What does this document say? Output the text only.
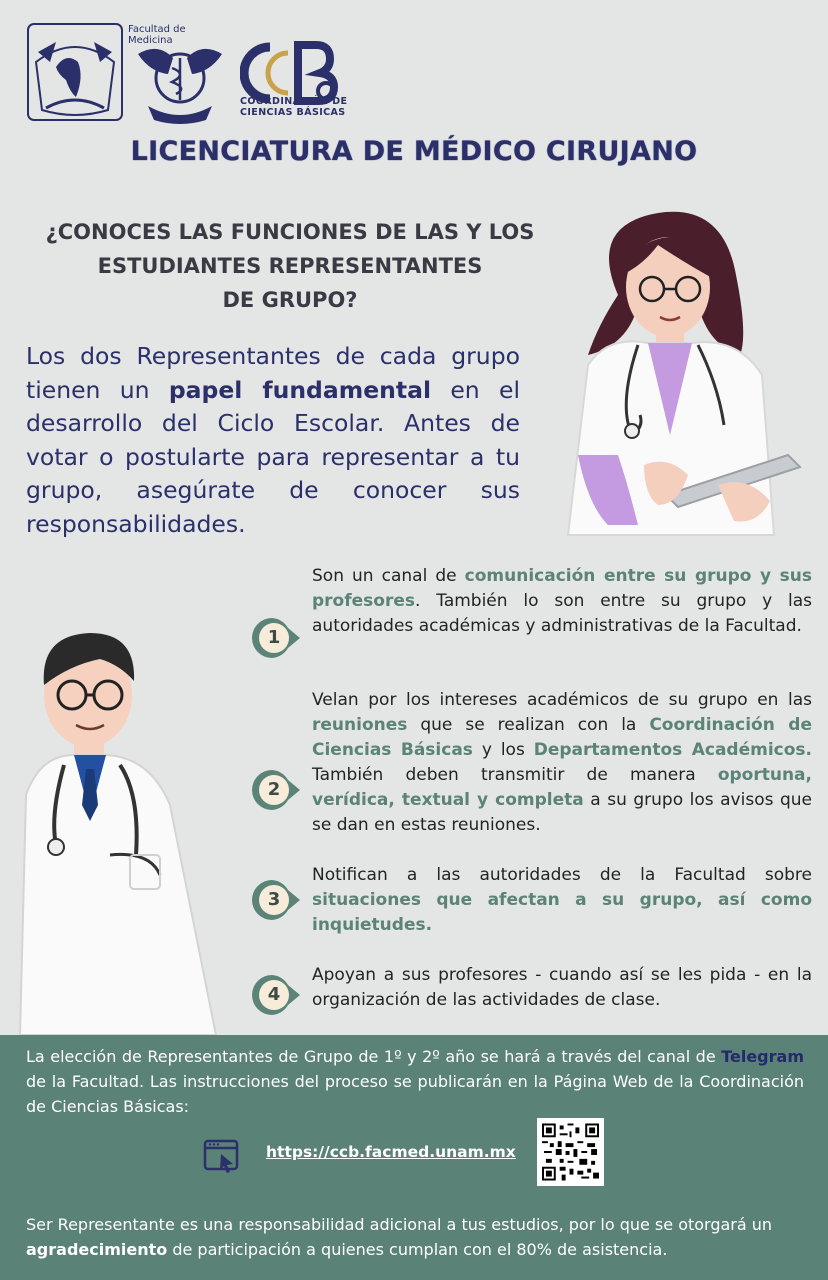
Facultad de Medicina
COORDINACIÓN DE
CIENCIAS BÁSICAS
LICENCIATURA DE MÉDICO CIRUJANO
¿CONOCES LAS FUNCIONES DE LAS Y LOS
ESTUDIANTES REPRESENTANTES
DE GRUPO?
Los dos Representantes de cada grupo tienen un papel fundamental en el desarrollo del Ciclo Escolar. Antes de votar o postularte para representar a tu grupo, asegúrate de conocer sus responsabilidades.
1
2
3
4
Son un canal de comunicación entre su grupo y sus profesores. También lo son entre su grupo y las autoridades académicas y administrativas de la Facultad.
Velan por los intereses académicos de su grupo en las reuniones que se realizan con la Coordinación de Ciencias Básicas y los Departamentos Académicos. También deben transmitir de manera oportuna, verídica, textual y completa a su grupo los avisos que se dan en estas reuniones.
Notifican a las autoridades de la Facultad sobre situaciones que afectan a su grupo, así como inquietudes.
Apoyan a sus profesores - cuando así se les pida - en la organización de las actividades de clase.
La elección de Representantes de Grupo de 1º y 2º año se hará a través del canal de Telegram de la Facultad. Las instrucciones del proceso se publicarán en la Página Web de la Coordinación de Ciencias Básicas:
https://ccb.facmed.unam.mx
Ser Representante es una responsabilidad adicional a tus estudios, por lo que se otorgará un agradecimiento de participación a quienes cumplan con el 80% de asistencia.
